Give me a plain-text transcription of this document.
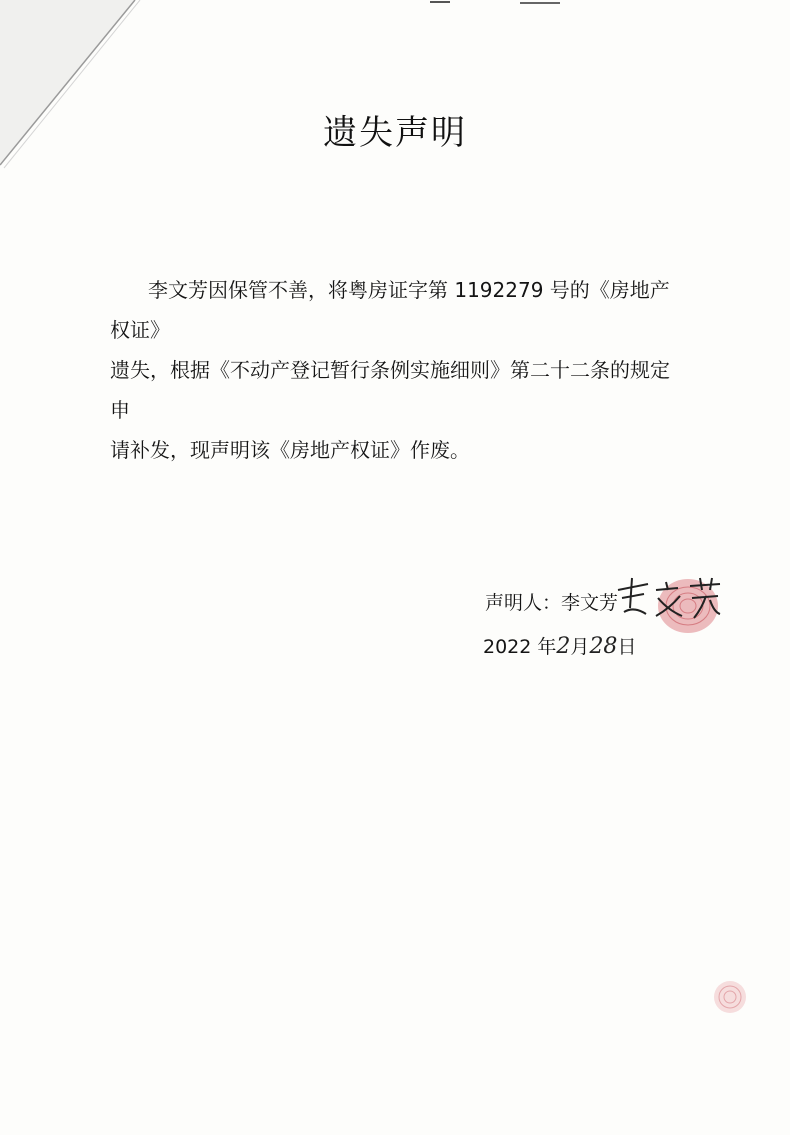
遗失声明
李文芳因保管不善，将粤房证字第 1192279 号的《房地产权证》
遗失，根据《不动产登记暂行条例实施细则》第二十二条的规定申
请补发，现声明该《房地产权证》作废。
声明人：李文芳
2022 年2月28日
